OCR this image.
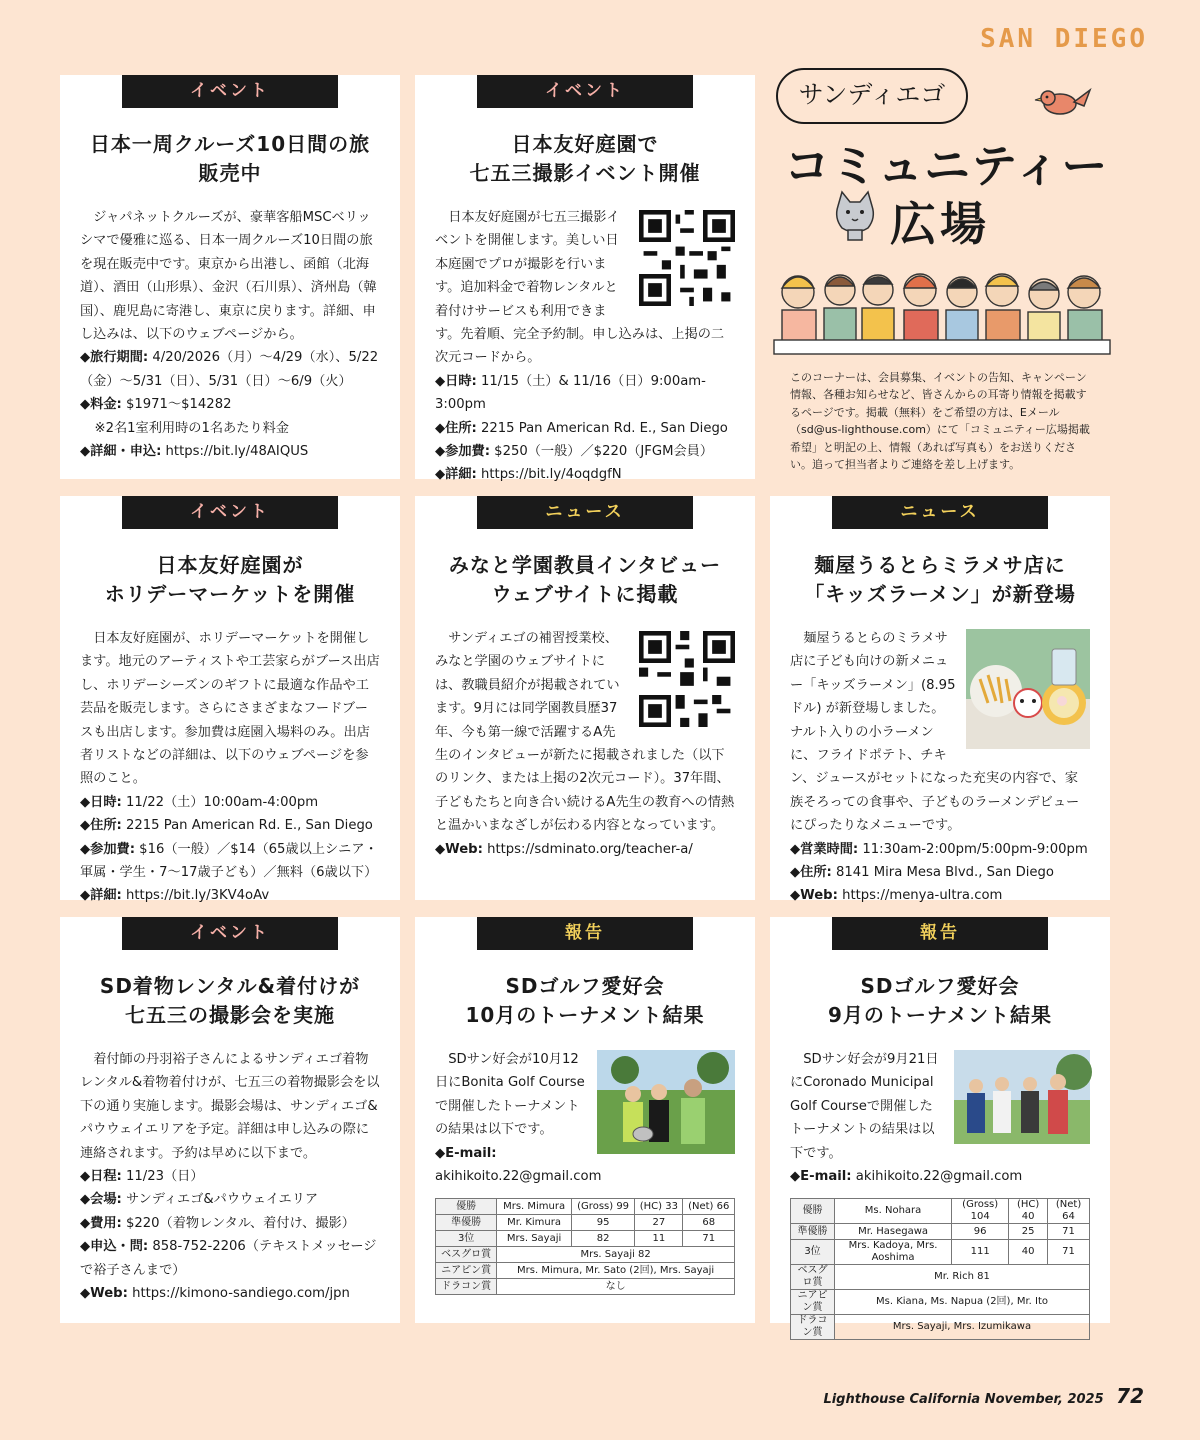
SAN DIEGO
サンディエゴ
コミュニティー
広場
このコーナーは、会員募集、イベントの告知、キャンペーン情報、各種お知らせなど、皆さんからの耳寄り情報を掲載するページです。掲載（無料）をご希望の方は、Eメール（sd@us-lighthouse.com）にて「コミュニティー広場掲載希望」と明記の上、情報（あれば写真も）をお送りください。追って担当者よりご連絡を差し上げます。
イベント
日本一周クルーズ10日間の旅
販売中

ジャパネットクルーズが、豪華客船MSCベリッシマで優雅に巡る、日本一周クルーズ10日間の旅を現在販売中です。東京から出港し、函館（北海道）、酒田（山形県）、金沢（石川県）、済州島（韓国）、鹿児島に寄港し、東京に戻ります。詳細、申し込みは、以下のウェブページから。

◆旅行期間: 4/20/2026（月）〜4/29（水）、5/22（金）〜5/31（日）、5/31（日）〜6/9（火）

◆料金: $1971〜$14282

※2名1室利用時の1名あたり料金

◆詳細・申込: https://bit.ly/48AIQUS

イベント
日本友好庭園で
七五三撮影イベント開催

日本友好庭園が七五三撮影イベントを開催します。美しい日本庭園でプロが撮影を行います。追加料金で着物レンタルと着付けサービスも利用できます。先着順、完全予約制。申し込みは、上掲の二次元コードから。

◆日時: 11/15（土）& 11/16（日）9:00am-3:00pm

◆住所: 2215 Pan American Rd. E., San Diego

◆参加費: $250（一般）／$220（JFGM会員）

◆詳細: https://bit.ly/4oqdgfN

イベント
日本友好庭園が
ホリデーマーケットを開催

日本友好庭園が、ホリデーマーケットを開催します。地元のアーティストや工芸家らがブース出店し、ホリデーシーズンのギフトに最適な作品や工芸品を販売します。さらにさまざまなフードブースも出店します。参加費は庭園入場料のみ。出店者リストなどの詳細は、以下のウェブページを参照のこと。

◆日時: 11/22（土）10:00am-4:00pm

◆住所: 2215 Pan American Rd. E., San Diego

◆参加費: $16（一般）／$14（65歳以上シニア・軍属・学生・7〜17歳子ども）／無料（6歳以下）

◆詳細: https://bit.ly/3KV4oAv

ニュース
みなと学園教員インタビュー
ウェブサイトに掲載

サンディエゴの補習授業校、みなと学園のウェブサイトには、教職員紹介が掲載されています。9月には同学園教員歴37年、今も第一線で活躍するA先生のインタビューが新たに掲載されました（以下のリンク、または上掲の2次元コード）。37年間、子どもたちと向き合い続けるA先生の教育への情熱と温かいまなざしが伝わる内容となっています。

◆Web: https://sdminato.org/teacher-a/

ニュース
麺屋うるとらミラメサ店に
「キッズラーメン」が新登場

麺屋うるとらのミラメサ店に子ども向けの新メニュー「キッズラーメン」(8.95ドル) が新登場しました。ナルト入りの小ラーメンに、フライドポテト、チキン、ジュースがセットになった充実の内容で、家族そろっての食事や、子どものラーメンデビューにぴったりなメニューです。

◆営業時間: 11:30am-2:00pm/5:00pm-9:00pm

◆住所: 8141 Mira Mesa Blvd., San Diego

◆Web: https://menya-ultra.com

イベント
SD着物レンタル&着付けが
七五三の撮影会を実施

着付師の丹羽裕子さんによるサンディエゴ着物レンタル&着物着付けが、七五三の着物撮影会を以下の通り実施します。撮影会場は、サンディエゴ&パウウェイエリアを予定。詳細は申し込みの際に連絡されます。予約は早めに以下まで。

◆日程: 11/23（日）

◆会場: サンディエゴ&パウウェイエリア

◆費用: $220（着物レンタル、着付け、撮影）

◆申込・問: 858-752-2206（テキストメッセージで裕子さんまで）

◆Web: https://kimono-sandiego.com/jpn

報告
SDゴルフ愛好会
10月のトーナメント結果

SDサン好会が10月12日にBonita Golf Courseで開催したトーナメントの結果は以下です。

◆E-mail: akihikoito.22@gmail.com

優勝	Mrs. Mimura	(Gross) 99	(HC) 33	(Net) 66
準優勝	Mr. Kimura	95	27	68
3位	Mrs. Sayaji	82	11	71
ベスグロ賞	Mrs. Sayaji 82			
ニアピン賞	Mrs. Mimura, Mr. Sato (2回), Mrs. Sayaji			
ドラコン賞	なし			
報告
SDゴルフ愛好会
9月のトーナメント結果

SDサン好会が9月21日にCoronado Municipal Golf Courseで開催したトーナメントの結果は以下です。

◆E-mail: akihikoito.22@gmail.com

優勝	Ms. Nohara	(Gross) 104	(HC) 40	(Net) 64
準優勝	Mr. Hasegawa	96	25	71
3位	Mrs. Kadoya, Mrs. Aoshima	111	40	71
ベスグロ賞	Mr. Rich 81			
ニアピン賞	Ms. Kiana, Ms. Napua (2回), Mr. Ito			
ドラコン賞	Mrs. Sayaji, Mrs. Izumikawa			
Lighthouse California November, 2025 72
